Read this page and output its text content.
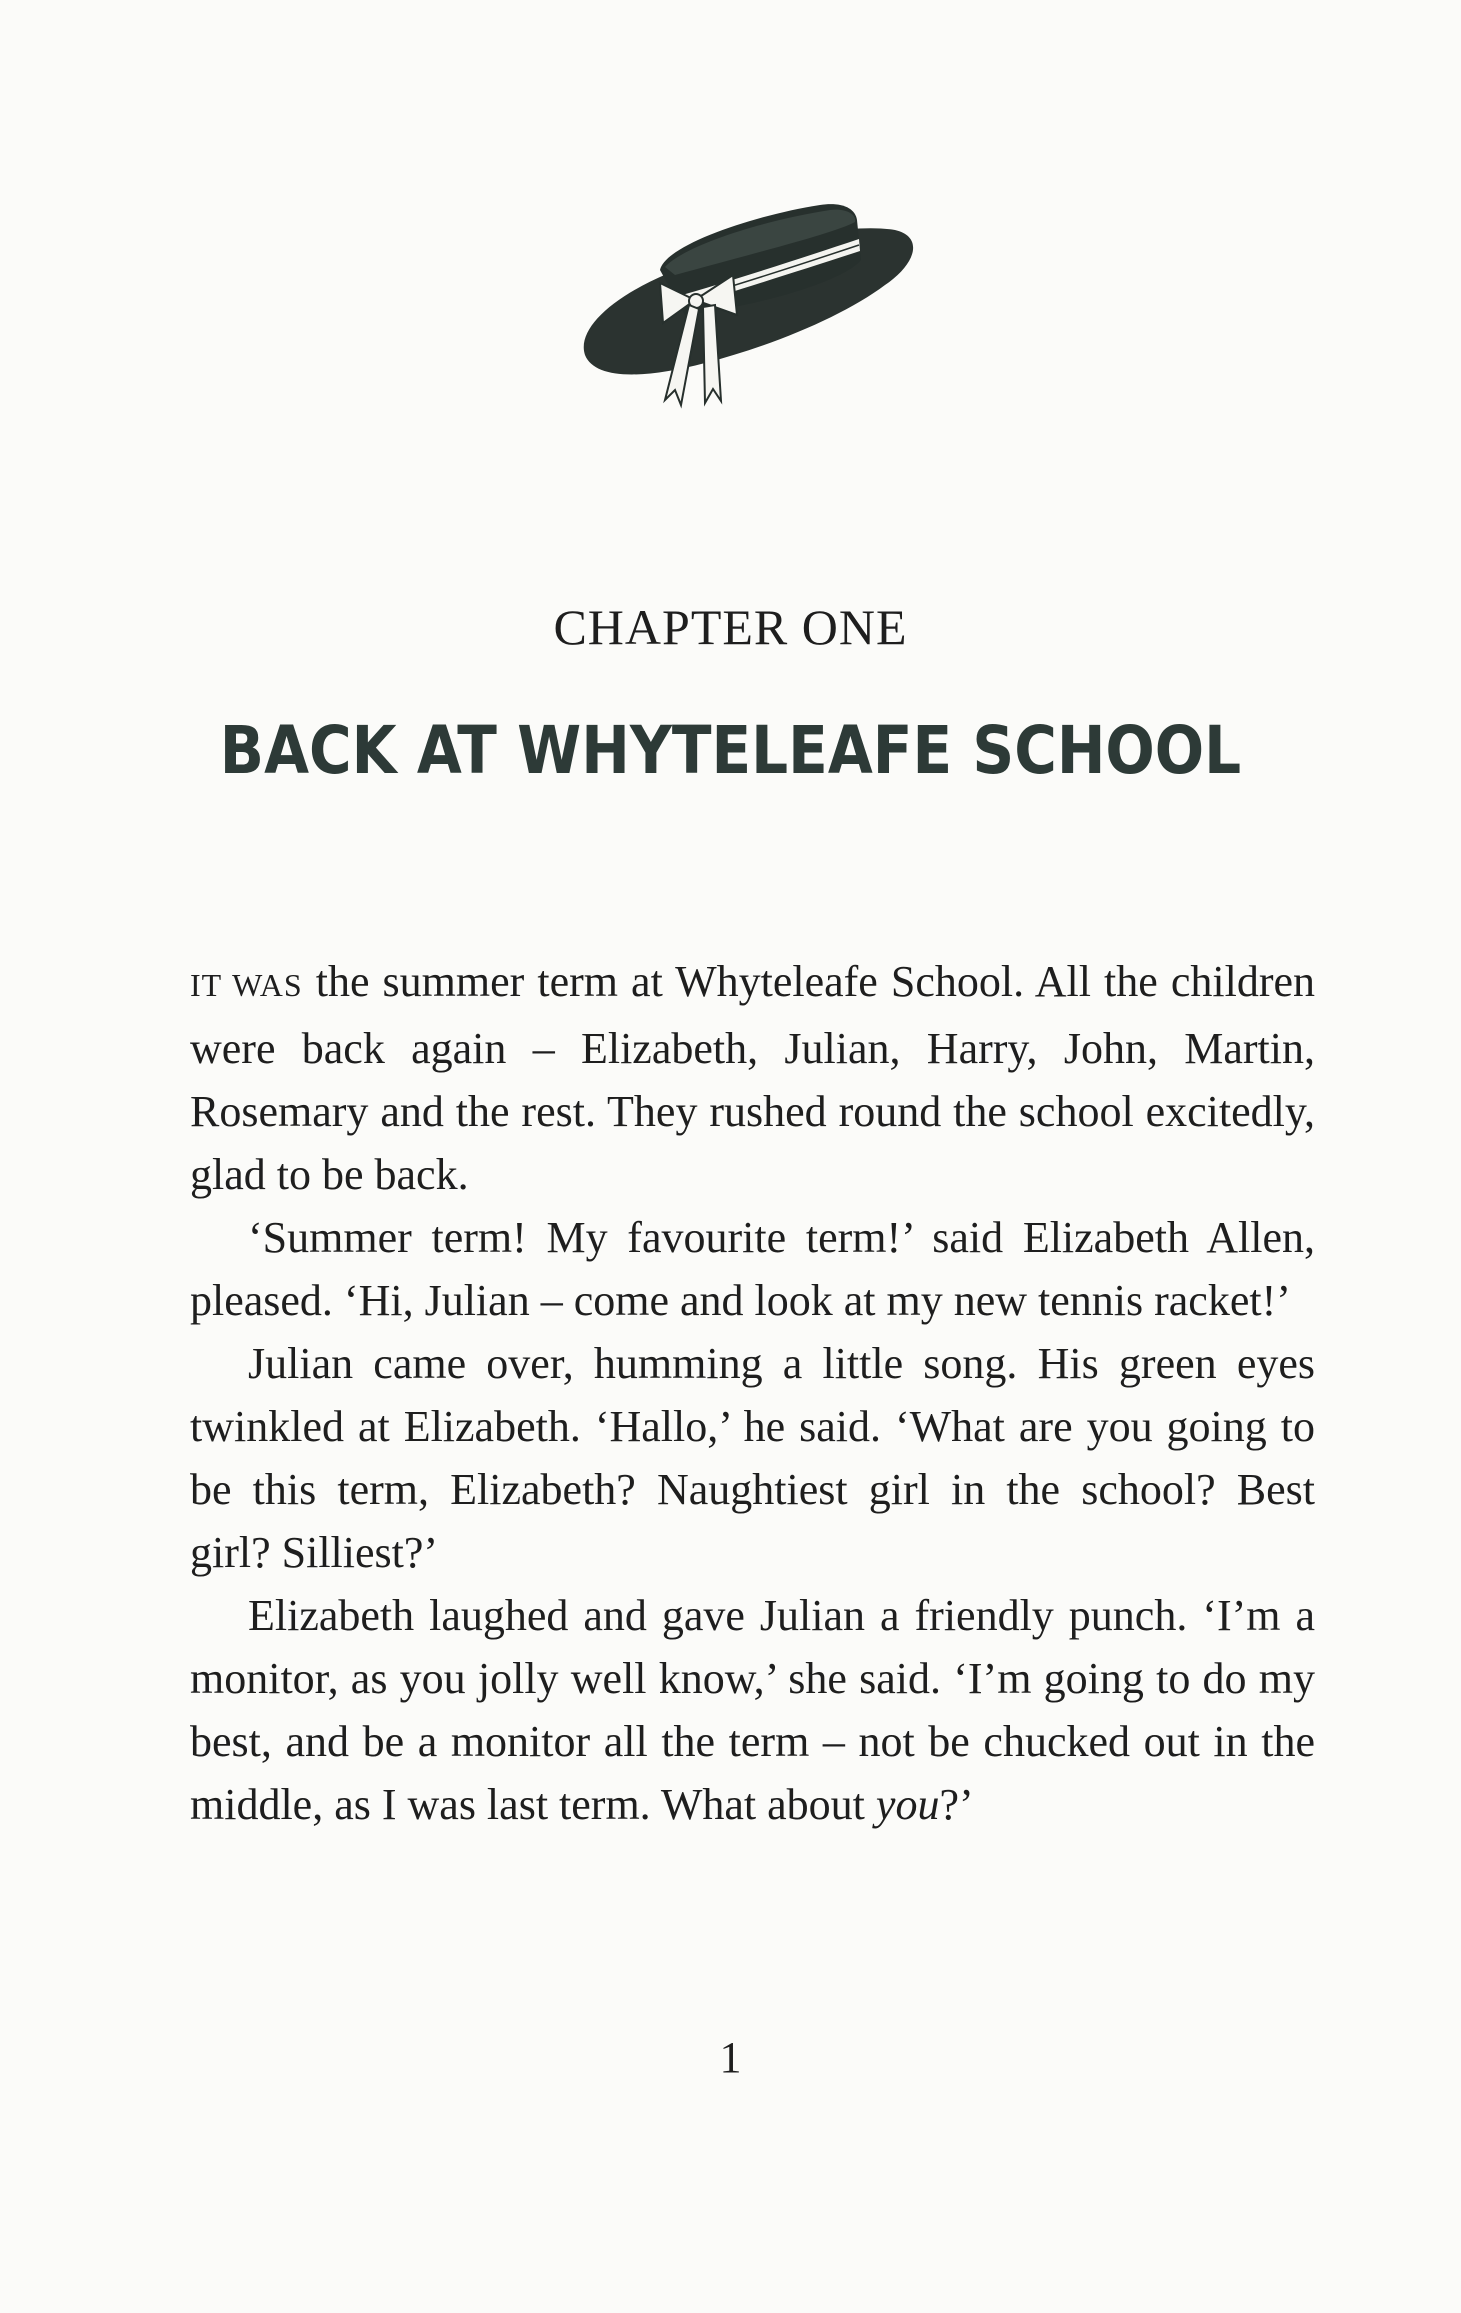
CHAPTER ONE
BACK AT WHYTELEAFE SCHOOL

IT WAS the summer term at Whyteleafe School. All the children were back again – Elizabeth, Julian, Harry, John, Martin, Rosemary and the rest. They rushed round the school excitedly, glad to be back.

‘Summer term! My favourite term!’ said Elizabeth Allen, pleased. ‘Hi, Julian – come and look at my new tennis racket!’

Julian came over, humming a little song. His green eyes twinkled at Elizabeth. ‘Hallo,’ he said. ‘What are you going to be this term, Elizabeth? Naughtiest girl in the school? Best girl? Silliest?’

Elizabeth laughed and gave Julian a friendly punch. ‘I’m a monitor, as you jolly well know,’ she said. ‘I’m going to do my best, and be a monitor all the term – not be chucked out in the middle, as I was last term. What about you?’

1
